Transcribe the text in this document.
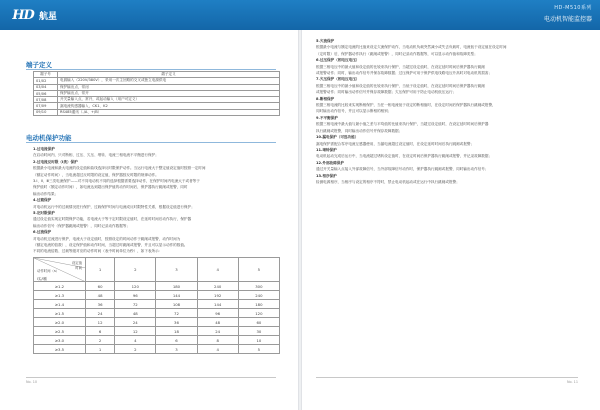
端子定义
端子号	端子定义
01/02	电源输入（220V/380V），采用一次主回路的交叉或独立电源供电
03/04	保护输出点，常闭
05/06	保护输出点，常开
07/08	开关量输入点，常开，或起动输入（用户可定义）
07/09	漏电流传感器输入，CK1、K2
09/10	RS485通讯（-/A、+/B）
电动机保护功能

1.过电流保护

在启动时间内，只对断相、过压、欠压、堵转、电流三相电流不平衡进行保护；

2.过电流反时限（Ⅰ类）保护

根据最小电流和最大电流的设定值和曲线选择反时限保护动作。当运行电流大于整定值设定值时按照一定时间

（额定动作时间），当电流超过反时限的设定值，保护器按反时限的规律动作。

3.Ⅰ、Ⅱ、Ⅲ三类电流保护——对不同电动机不同的选择根据需要选择动作，在保护时间内电流大于或者等于

保护值时（额定动作时间），如电流达到超出保护值的动作时间后，保护器执行跳闸或报警，同时

输出动作结果；

4.过载保护

对电动机运行中的过载情况进行保护，过载保护时间与电流成反时限特性关系，根据设定值进行保护；

5.定时限保护

通过设定值实现定时限保护功能，若电流大于等于定时限设定值时，在延时时间后动作执行，保护器

输出动作信号（保护器跳闸或报警），同时记录动作数据等；

6.过流保护

对电动机过流进行保护，电流大于设定值时，按照设定的时间动作于跳闸或报警，动作时间为

（额定电流的倍数），设定保护值和动作时间，当超过时跳闸或报警，并且可以显示动作的数值。

不同的电流倍数、过载等级对应的动作时间（表中时间单位为秒），如下表所示：

设定值
时间
动作时间（s）
I实/I额	1	2	3	4	5
≥1.2	60	120	180	240	300
≥1.3	48	96	144	192	240
≥1.4	36	72	108	144	180
≥1.5	24	48	72	96	120
≥2.0	12	24	36	48	60
≥2.5	6	12	18	24	30
≥3.0	2	4	6	8	10
≥3.5	1	2	3	4	5
No. 10

5.欠流保护

根据最小电流与额定电流的比值来设定欠流保护动作，当电动机负载突然减小或失去负载时，电流低于设定值在设定时间

（定时限）后，保护器动作执行（跳闸或报警），同时记录动作数据等，可以显示动作值和故障类型；

6.过压保护（相电压电压）

根据三相电压中的最大值和设定值的比较来执行保护，当超过设定值时，在设定延时时间后保护器执行跳闸

或报警动作；同时，输出动作信号并保存故障数据；过压保护可用于保护供电线路电压升高时对电动机的损害；

7.欠压保护（相电压电压）

根据三相电压中的最小值和设定值的比较来执行保护，当低于设定值时，在设定延时时间后保护器执行跳闸

或报警动作；同时输出动作信号并保存故障数据；欠压保护可用于防止电动机低压运行；

8.断相保护

根据三相电流的比较来实现断相保护，当任一相电流低于设定的断相值时，在设定时间后保护器执行跳闸或报警，

同时输出动作信号，并且可以显示断相的相别；

9.不平衡保护

根据三相电流中最大值与最小值之差与平均值的比值来执行保护，当超过设定值时，在设定延时时间后保护器

执行跳闸或报警，同时输出动作信号并保存故障数据；

10.漏电保护（可选功能）

漏电保护需配合零序电流互感器使用，当漏电流超过设定值时，在设定延时时间后执行跳闸或报警；

11.堵转保护

电动机起动完成后运行中，当电流超过堵转设定值时，在设定时间后保护器执行跳闸或报警，并记录故障数据；

12.外部故障保护

通过开关量输入点接入外部故障信号，当外部故障信号动作时，保护器执行跳闸或报警，同时输出动作信号；

13.相序保护

检测电源相序，当相序与设定的相序不符时，禁止电动机起动或在运行中执行跳闸或报警；

No. 11
HD 航星
HD-M510系列
电动机智能监控器
